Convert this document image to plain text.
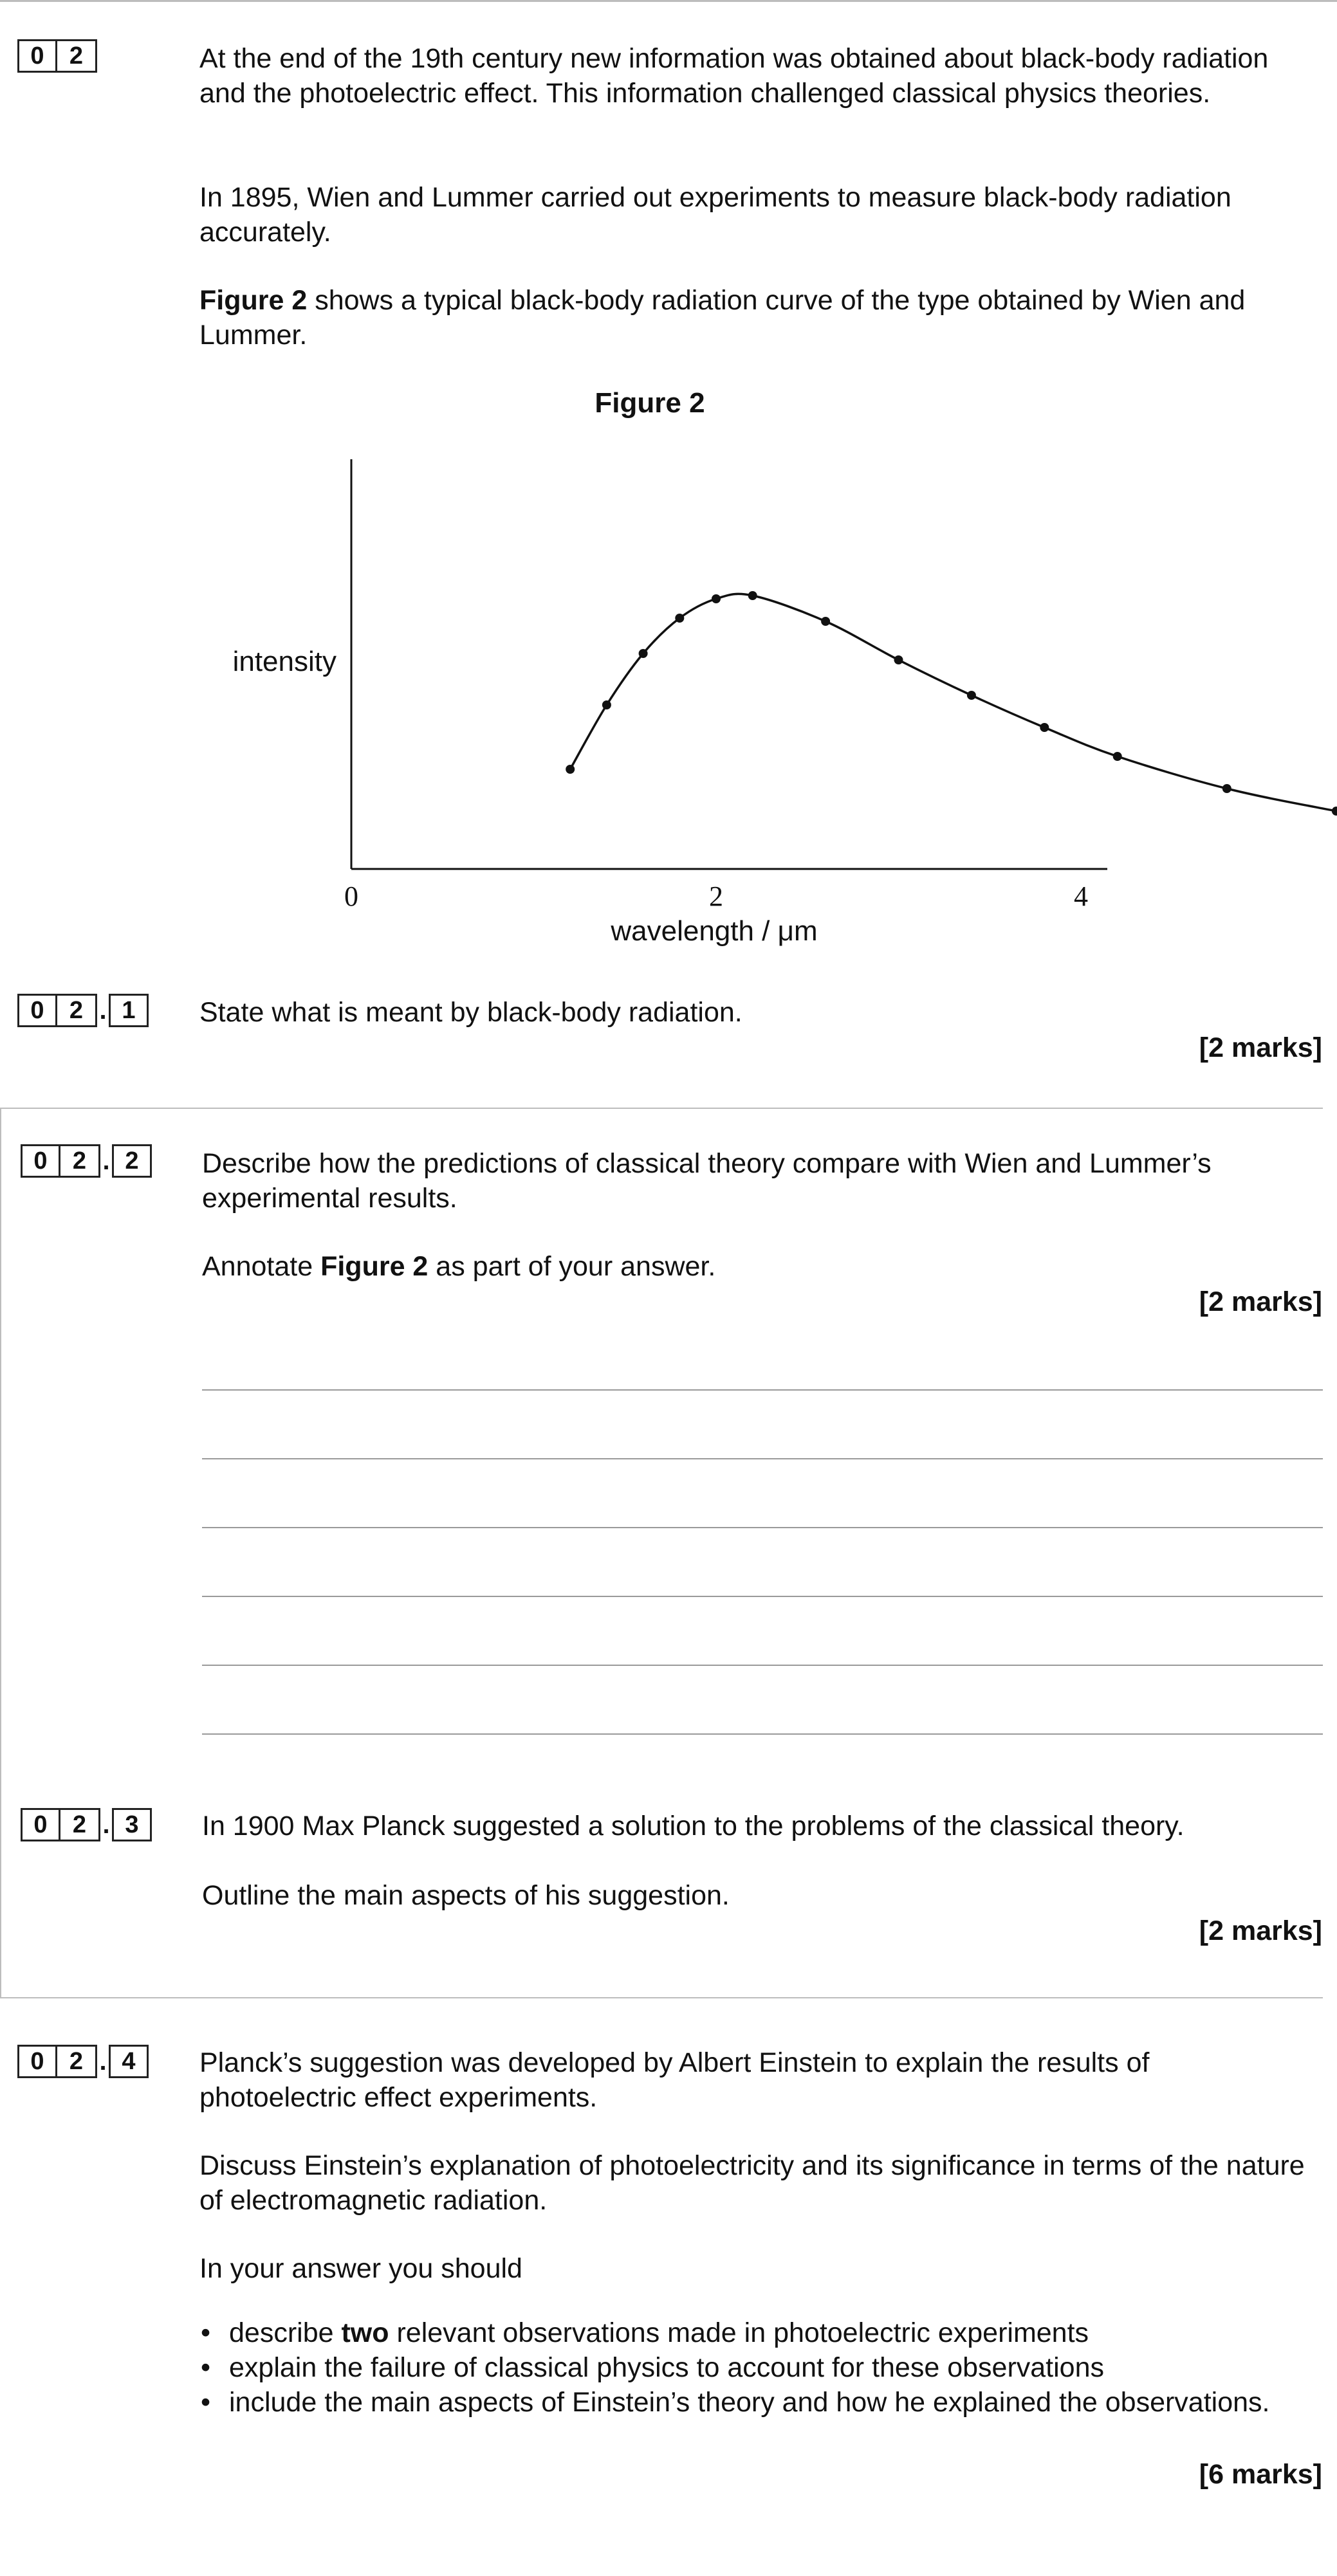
0	2	At the end of the 19th century new information was obtained about black-body radiation and the photoelectric effect. This information challenged classical physics theories.

In 1895, Wien and Lummer carried out experiments to measure black-body radiation accurately.

Figure 2 shows a typical black-body radiation curve of the type obtained by Wien and Lummer.

Figure 2
intensity
wavelength / μm
0	2	4
0	2 . 1	State what is meant by black-body radiation.

[2 marks]
0	2 . 2	Describe how the predictions of classical theory compare with Wien and Lummer’s experimental results.

Annotate Figure 2 as part of your answer.

[2 marks]
0	2 . 3	In 1900 Max Planck suggested a solution to the problems of the classical theory.

Outline the main aspects of his suggestion.

[2 marks]
0	2 . 4	Planck’s suggestion was developed by Albert Einstein to explain the results of photoelectric effect experiments.

Discuss Einstein’s explanation of photoelectricity and its significance in terms of the nature of electromagnetic radiation.

In your answer you should

• describe two relevant observations made in photoelectric experiments
• explain the failure of classical physics to account for these observations
• include the main aspects of Einstein’s theory and how he explained the observations.
[6 marks]
